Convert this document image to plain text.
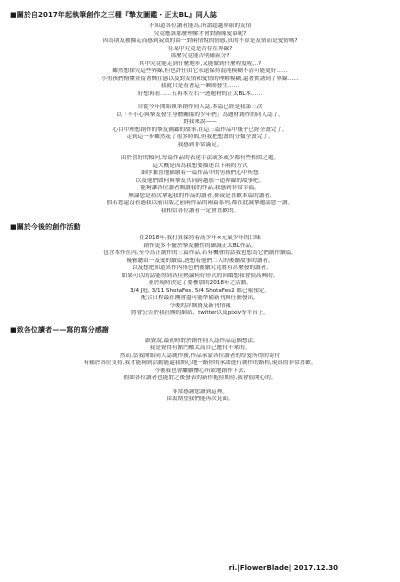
■關於自2017年起執筆創作之三種『摯友圖鑑・正太BL』同人誌
不知道各位讀者能為,所謂超越界限的友情
究竟應該那麼理解才會對圖像愛慕呢?
因為朋友被擄走而感到寂寞的由一對兩情悅的情感,真的不算是友情而是愛情嗎?
在某中究竟是否存在界線?
那麼究竟能否明確區分?
其中究竟能走到什麼地步,又能做到什麼程度呢…?
雖然想探究這些界線,但也許任由它永遠保持混沌模糊不清可能更好……
小男孩們懵懂並留著嚮往感以及對友情和愛情的理解模糊,還著實誘到了界線……
我就只是看著這一瞬間發生……
好想再看……五再本左右一透題材的正太BL本……
自從今年開始執筆創作同人誌,本篇已經是我第三次
以「不小心與摯友發生身體關係的少年們」為題材創作的同人誌了。
對我來說——
心目中理想創作的摯友圖鑑的故事,在這三篇作品中幾乎已經全畫完了。
走到這一步雖然花了很多時間,但我把想畫的分類全畫完了。
我感到非常滿足。
由於喜好的傾向,每篇作品的表達手法或多或少都有些相似之處。
這大概是因為我想要描述以下兩的方式
細序兼喜地描繪着一篇作品中的男孩們心中所想
以及他們如何與摯友共同跨越那一道界線的故事吧。
能夠讓各位讀者閱讀我的作品,我感到非常幸福。
無論您是初次拿起我的作品的讀者,抑或是喜歡本篇的讀者,
假若您還沒看過我以前出版之前兩作品的兩篇系列,都在此誠摯邀請您一讀。
我相信各位讀者一定會喜歡的。
■關於今後的創作活動
在2018年,我打算保持着高少年×元氣少年的口味
創作更多不擺於摯友屬性的御誠正太BL作品。
包含本作在內,至今為止創作的三篇作品,若有機會的話我也想為它們創作續篇。
優雅聰由一及愛的續篇,透想着他們二人的後續故事的讀者、
以及想把知道異作內角色們後續究竟將有甚麼發的讀者,
如果可以的話能得到各位熱論何好形式的回饋想我會很高興的。
並於現時決定了要參加的2018年之活動。
3/4 J庭, 3/11 ShotaFes, 5/4 ShotaFes2 都已報預定。
配合日程最社團會盡可能準備新刊與任冊發出。
今後的詳閱資及新刊情報
將會公告於我社團的網站、twitter以及pixiv等平台上。
■致各位讀者——寫的寫分感謝
跟覺說,最初時對於創作同人誌作品這個想法,
我是覺得有點門檻太高自己應付不來的。
然而,當我開始同人誌創作後,作品承蒙各位讀者的厚愛所得的寄付
有賴於各位支持,我才能夠到活動能還我開心地一路你的承諾進行創作的路程,現真的非常喜歡。
今後我也會繼續懷心所欲地創作下去,
假如各位讀者也能對之後發表的新作抱持期待,我會很開心的。
非常感謝您讀到這裡。
由衷期望我們能再次見面。
ri.|FlowerBlade| 2017.12.30
